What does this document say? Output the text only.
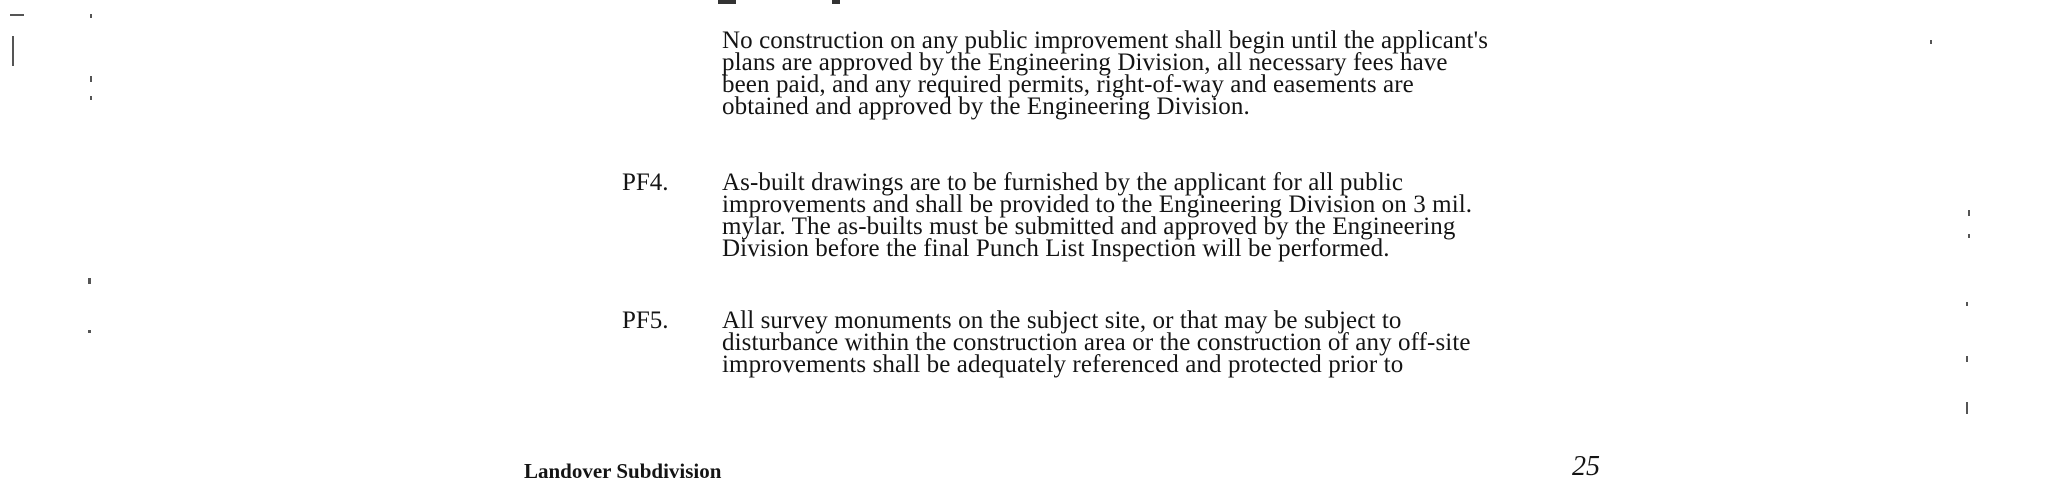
No construction on any public improvement shall begin until the applicant's
plans are approved by the Engineering Division, all necessary fees have
been paid, and any required permits, right-of-way and easements are
obtained and approved by the Engineering Division.

PF4. As-built drawings are to be furnished by the applicant for all public
improvements and shall be provided to the Engineering Division on 3 mil.
mylar. The as-builts must be submitted and approved by the Engineering
Division before the final Punch List Inspection will be performed.

PF5. All survey monuments on the subject site, or that may be subject to
disturbance within the construction area or the construction of any off-site
improvements shall be adequately referenced and protected prior to

Landover Subdivision	25
